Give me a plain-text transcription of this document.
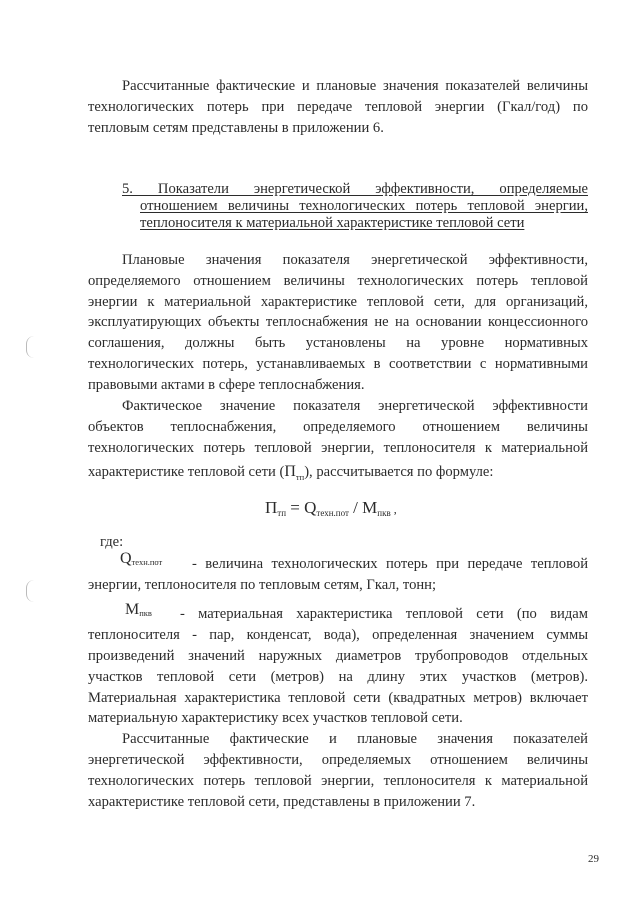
Рассчитанные фактические и плановые значения показателей величины
технологических потерь при передаче тепловой энергии (Гкал/год) по
тепловым сетям представлены в приложении 6.
5. Показатели энергетической эффективности, определяемые
отношением величины технологических потерь тепловой энергии,
теплоносителя к материальной характеристике тепловой сети
Плановые значения показателя энергетической эффективности,
определяемого отношением величины технологических потерь тепловой
энергии к материальной характеристике тепловой сети, для организаций,
эксплуатирующих объекты теплоснабжения не на основании концессионного
соглашения, должны быть установлены на уровне нормативных
технологических потерь, устанавливаемых в соответствии с нормативными
правовыми актами в сфере теплоснабжения.
Фактическое значение показателя энергетической эффективности
объектов теплоснабжения, определяемого отношением величины
технологических потерь тепловой энергии, теплоносителя к материальной
характеристике тепловой сети $(П_{тп})$, рассчитывается по формуле:
$П_{тп} = Q_{техн.пот} / М_{пкв}$ ,
где:
$Q_{техн.пот}$ - величина технологических потерь при передаче тепловой
энергии, теплоносителя по тепловым сетям, Гкал, тонн;
$М_{пкв}$ - материальная характеристика тепловой сети (по видам
теплоносителя - пар, конденсат, вода), определенная значением суммы
произведений значений наружных диаметров трубопроводов отдельных
участков тепловой сети (метров) на длину этих участков (метров).
Материальная характеристика тепловой сети (квадратных метров) включает
материальную характеристику всех участков тепловой сети.
Рассчитанные фактические и плановые значения показателей
энергетической эффективности, определяемых отношением величины
технологических потерь тепловой энергии, теплоносителя к материальной
характеристике тепловой сети, представлены в приложении 7.
29
